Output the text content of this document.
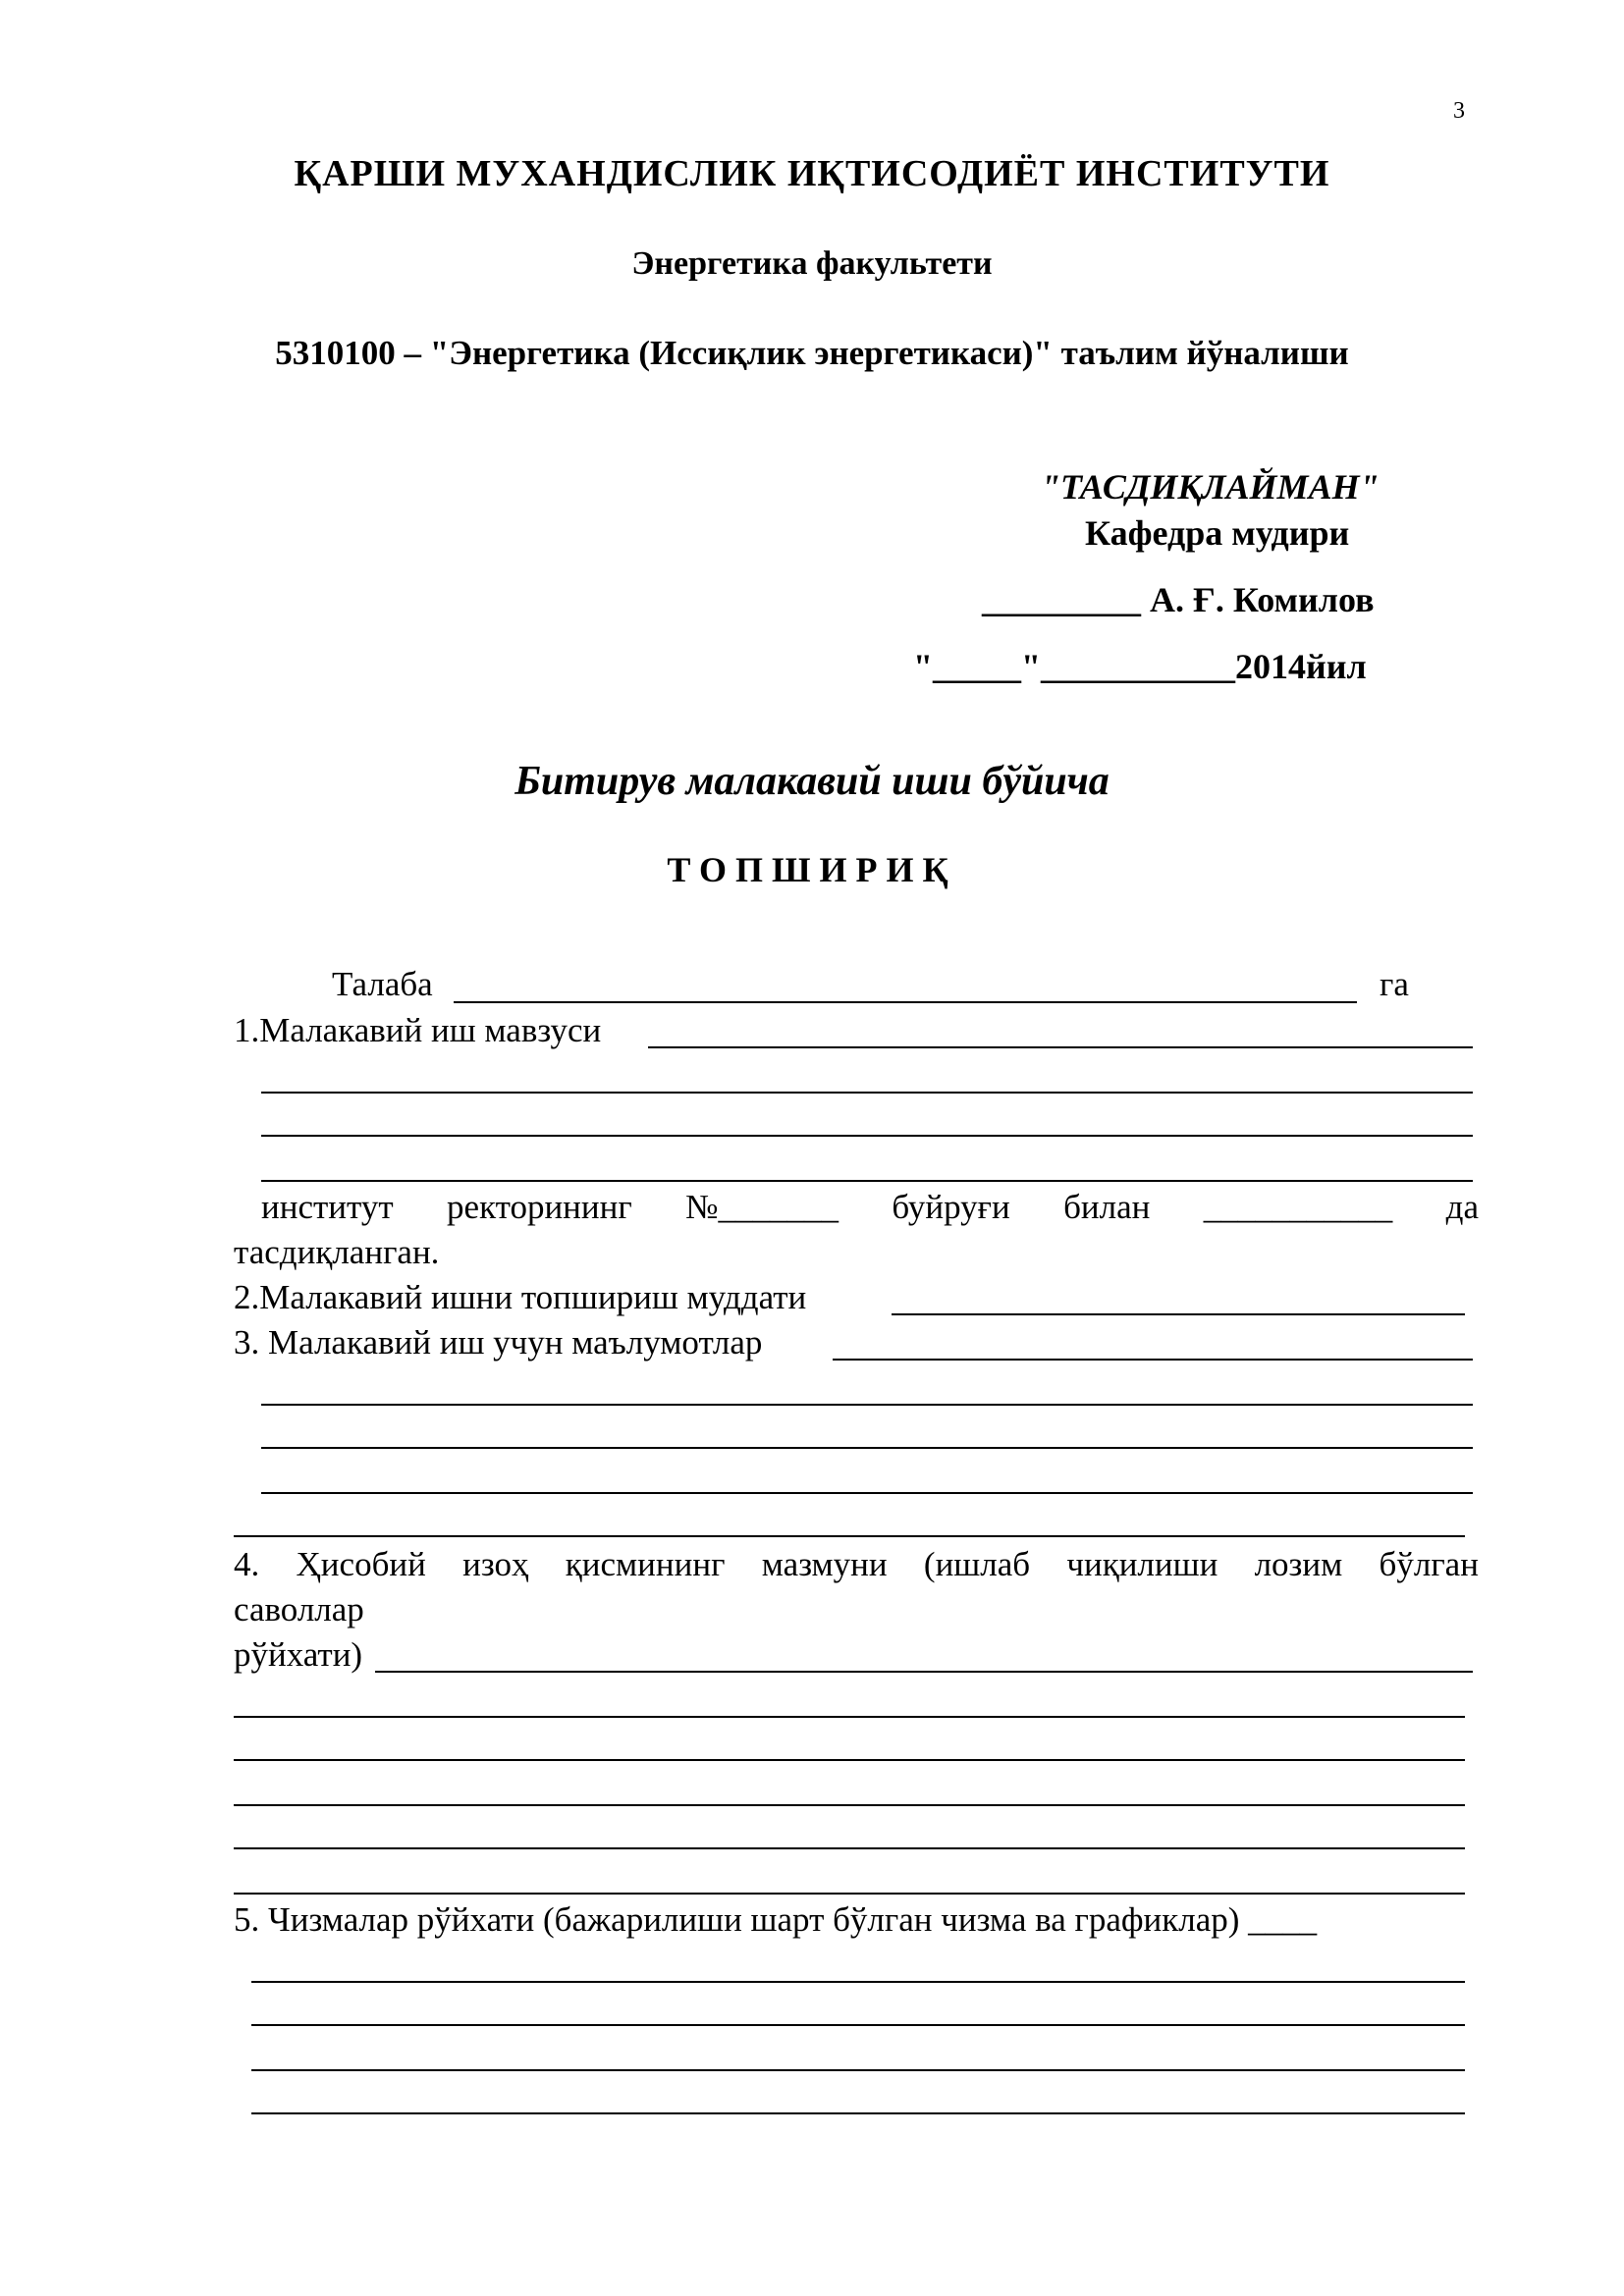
3
ҚАРШИ МУХАНДИСЛИК ИҚТИСОДИЁТ ИНСТИТУТИ
Энергетика факультети
5310100 – "Энергетика (Иссиқлик энергетикаси)" таълим йўналиши
"ТАСДИҚЛАЙМАН"
Кафедра мудири
_________ А. Ғ. Комилов
"_____"___________2014йил
Битирув малакавий иши бўйича
ТОПШИРИҚ
Талаба	га
1.Малакавий иш мавзуси
институт ректорининг №_______ буйруғи билан ___________ да
тасдиқланган.
2.Малакавий ишни топшириш муддати
3. Малакавий иш учун маълумотлар
4. Ҳисобий изоҳ қисмининг мазмуни (ишлаб чиқилиши лозим бўлган
саволлар
рўйхати)
5. Чизмалар рўйхати (бажарилиши шарт бўлган чизма ва графиклар) ____
